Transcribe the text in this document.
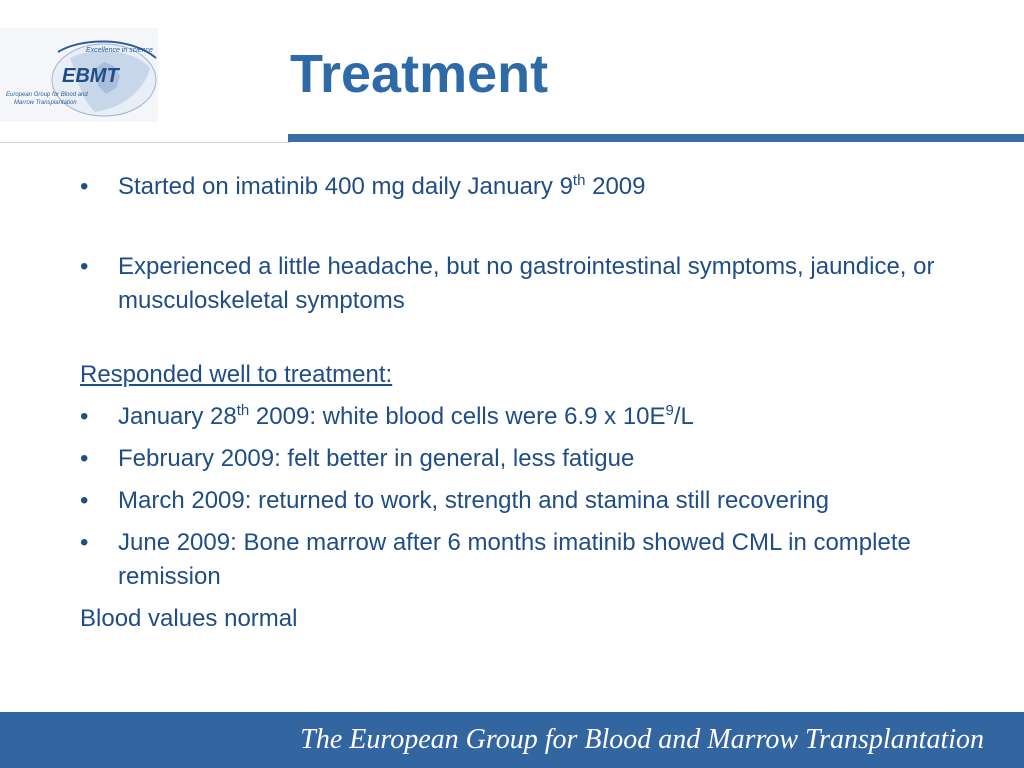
Excellence in science
EBMT
European Group for Blood and
Marrow Transplantation	Treatment

• Started on imatinib 400 mg daily January 9th 2009

• Experienced a little headache, but no gastrointestinal symptoms, jaundice, or musculoskeletal symptoms

Responded well to treatment:

• January 28th 2009: white blood cells were 6.9 x $10E^9/L$

• February 2009: felt better in general, less fatigue

• March 2009: returned to work, strength and stamina still recovering

• June 2009: Bone marrow after 6 months imatinib showed CML in complete remission

Blood values normal

The European Group for Blood and Marrow Transplantation
